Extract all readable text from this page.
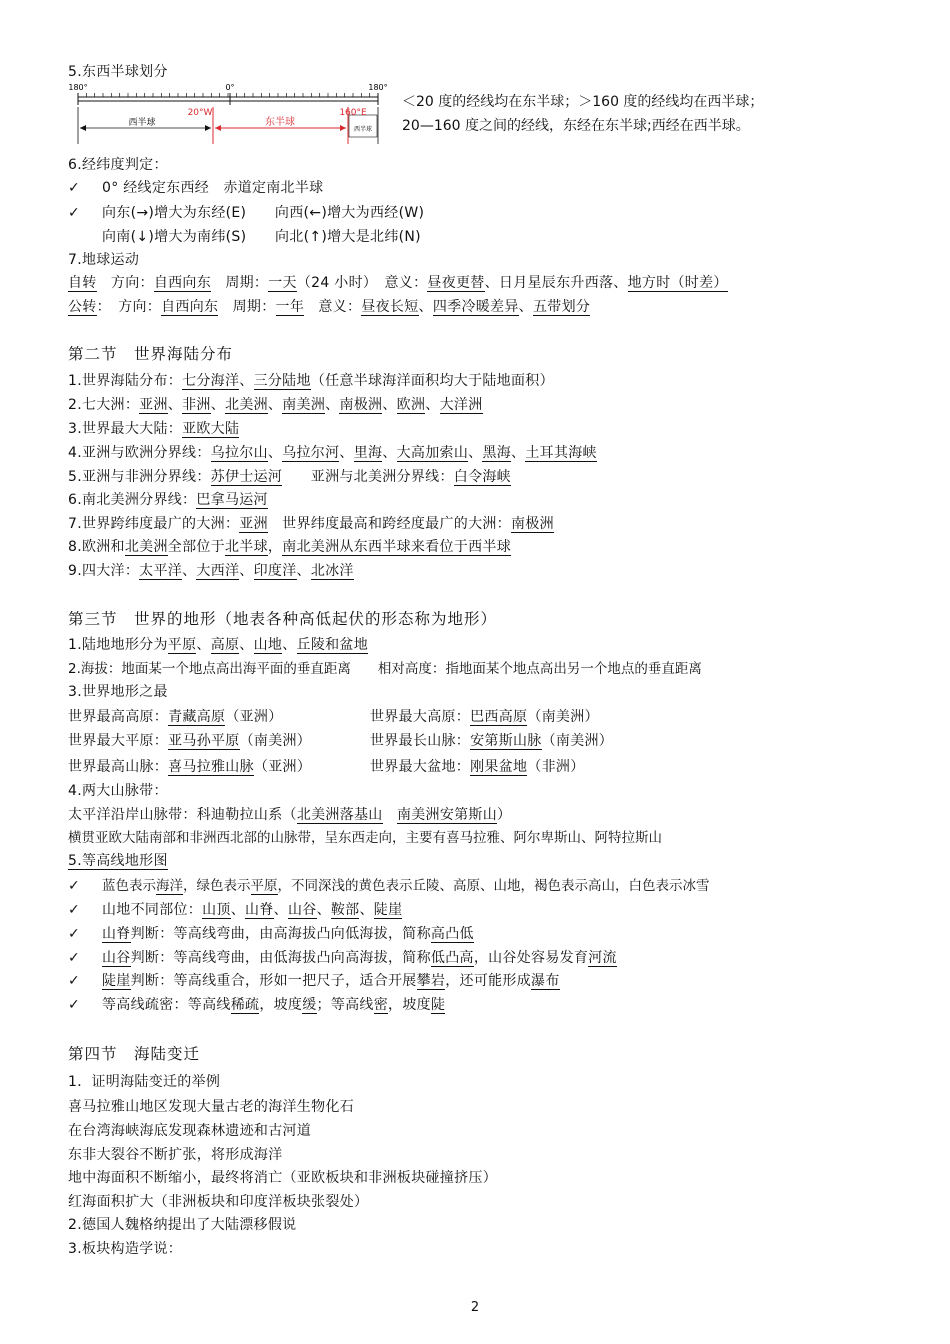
5.东西半球划分
180°	180°
0°
20°W	160°E
西半球	东半球
西半球
＜20 度的经线均在东半球；＞160 度的经线均在西半球；
20—160 度之间的经线，东经在东半球;西经在西半球。
6.经纬度判定：
✓ 0° 经线定东西经　赤道定南北半球
✓ 向东(→)增大为东经(E)　　向西(←)增大为西经(W)
向南(↓)增大为南纬(S)　　向北(↑)增大是北纬(N)
7.地球运动
自转　方向：自西向东　周期：一天（24 小时）　意义：昼夜更替、日月星辰东升西落、地方时（时差）
公转：　方向：自西向东　周期：一年　意义：昼夜长短、四季冷暖差异、五带划分
第二节　世界海陆分布
1.世界海陆分布：七分海洋、三分陆地（任意半球海洋面积均大于陆地面积）
2.七大洲：亚洲、非洲、北美洲、南美洲、南极洲、欧洲、大洋洲
3.世界最大大陆：亚欧大陆
4.亚洲与欧洲分界线：乌拉尔山、乌拉尔河、里海、大高加索山、黑海、土耳其海峡
5.亚洲与非洲分界线：苏伊士运河　　亚洲与北美洲分界线：白令海峡
6.南北美洲分界线：巴拿马运河
7.世界跨纬度最广的大洲：亚洲　世界纬度最高和跨经度最广的大洲：南极洲
8.欧洲和北美洲全部位于北半球，南北美洲从东西半球来看位于西半球
9.四大洋：太平洋、大西洋、印度洋、北冰洋
第三节　世界的地形（地表各种高低起伏的形态称为地形）
1.陆地地形分为平原、高原、山地、丘陵和盆地
2.海拔：地面某一个地点高出海平面的垂直距离　　相对高度：指地面某个地点高出另一个地点的垂直距离
3.世界地形之最
世界最高高原：青藏高原（亚洲）	世界最大高原：巴西高原（南美洲）
世界最大平原：亚马孙平原（南美洲）	世界最长山脉：安第斯山脉（南美洲）
世界最高山脉：喜马拉雅山脉（亚洲）	世界最大盆地：刚果盆地（非洲）
4.两大山脉带：
太平洋沿岸山脉带：科迪勒拉山系（北美洲落基山　 南美洲安第斯山）
横贯亚欧大陆南部和非洲西北部的山脉带，呈东西走向，主要有喜马拉雅、阿尔卑斯山、阿特拉斯山
5.等高线地形图
✓ 蓝色表示海洋，绿色表示平原，不同深浅的黄色表示丘陵、高原、山地，褐色表示高山，白色表示冰雪
✓ 山地不同部位：山顶、山脊、山谷、鞍部、陡崖
✓ 山脊判断：等高线弯曲，由高海拔凸向低海拔，简称高凸低
✓ 山谷判断：等高线弯曲，由低海拔凸向高海拔，简称低凸高，山谷处容易发育河流
✓ 陡崖判断：等高线重合，形如一把尺子，适合开展攀岩，还可能形成瀑布
✓ 等高线疏密：等高线稀疏，坡度缓；等高线密，坡度陡
第四节　海陆变迁
1．证明海陆变迁的举例
喜马拉雅山地区发现大量古老的海洋生物化石
在台湾海峡海底发现森林遗迹和古河道
东非大裂谷不断扩张，将形成海洋
地中海面积不断缩小，最终将消亡（亚欧板块和非洲板块碰撞挤压）
红海面积扩大（非洲板块和印度洋板块张裂处）
2.德国人魏格纳提出了大陆漂移假说
3.板块构造学说：
2
